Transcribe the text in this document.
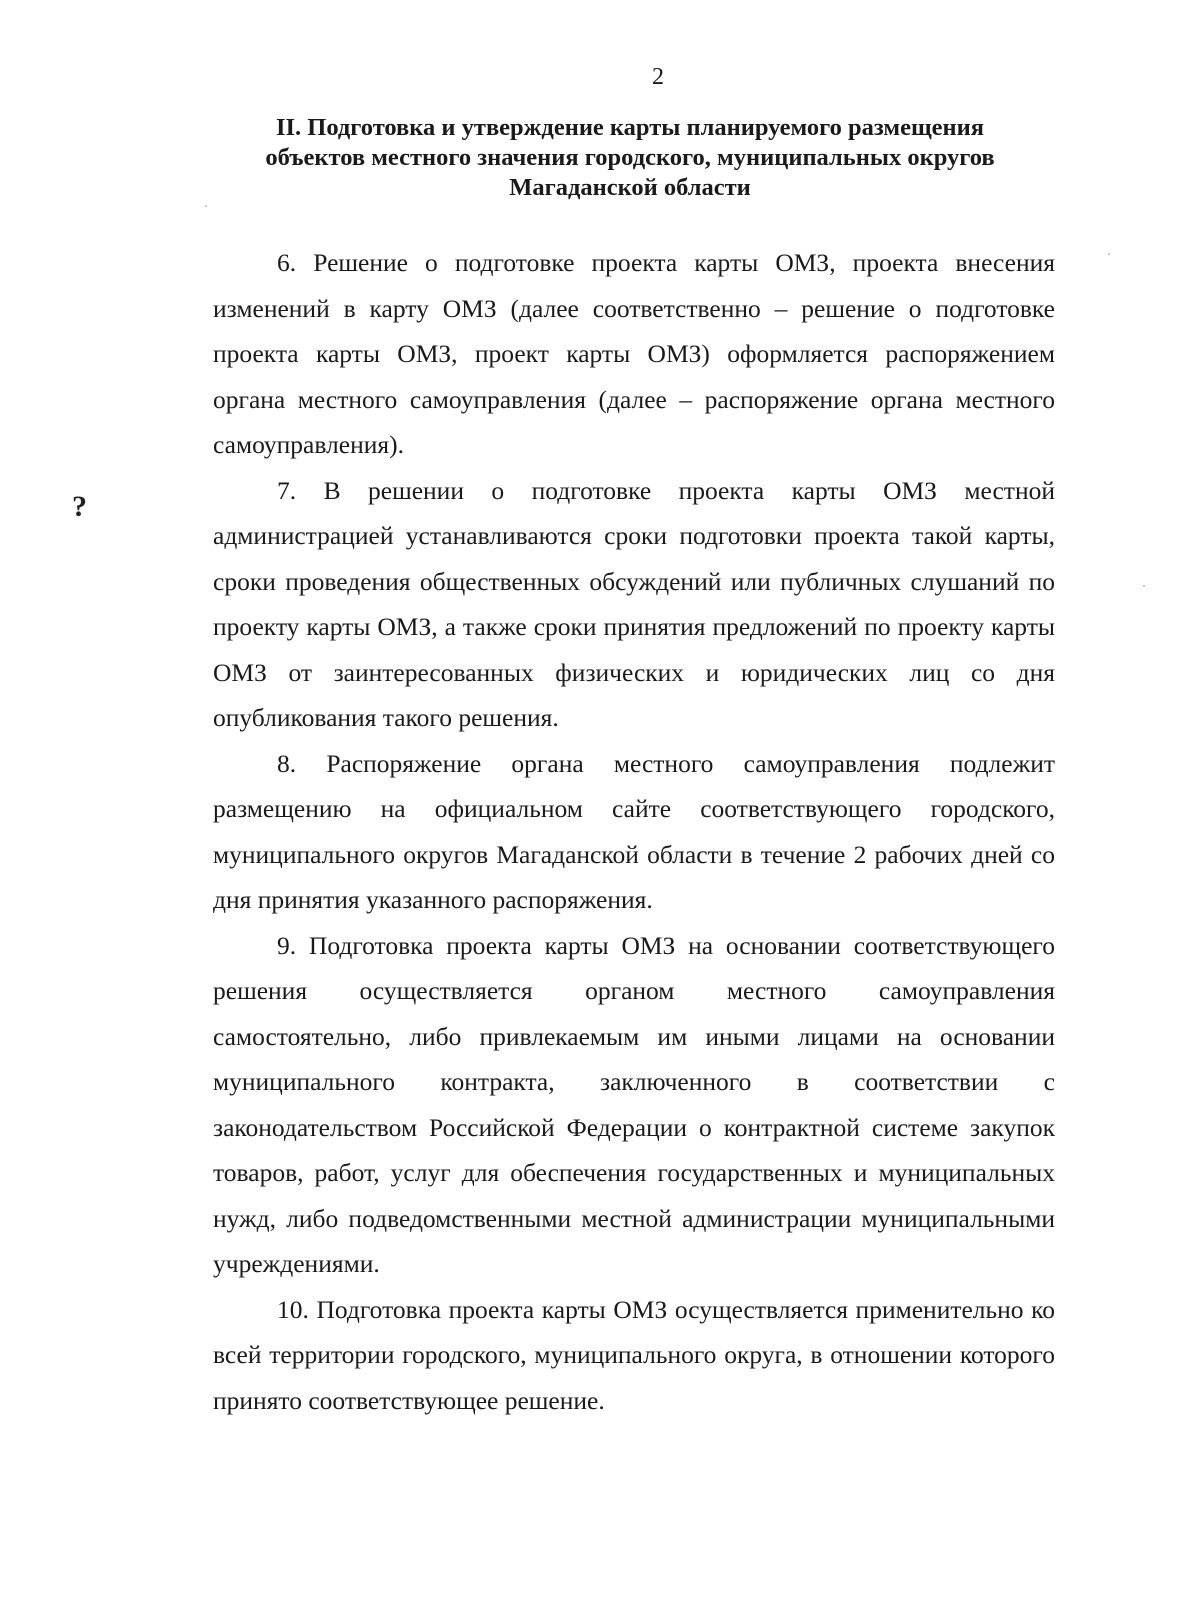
2

II. Подготовка и утверждение карты планируемого размещения
объектов местного значения городского, муниципальных округов
Магаданской области
?

6. Решение о подготовке проекта карты ОМЗ, проекта внесения изменений в карту ОМЗ (далее соответственно – решение о подготовке проекта карты ОМЗ, проект карты ОМЗ) оформляется распоряжением органа местного самоуправления (далее – распоряжение органа местного самоуправления).

7. В решении о подготовке проекта карты ОМЗ местной администрацией устанавливаются сроки подготовки проекта такой карты, сроки проведения общественных обсуждений или публичных слушаний по проекту карты ОМЗ, а также сроки принятия предложений по проекту карты ОМЗ от заинтересованных физических и юридических лиц со дня опубликования такого решения.

8. Распоряжение органа местного самоуправления подлежит размещению на официальном сайте соответствующего городского, муниципального округов Магаданской области в течение 2 рабочих дней со дня принятия указанного распоряжения.

9. Подготовка проекта карты ОМЗ на основании соответствующего решения осуществляется органом местного самоуправления самостоятельно, либо привлекаемым им иными лицами на основании муниципального контракта, заключенного в соответствии с законодательством Российской Федерации о контрактной системе закупок товаров, работ, услуг для обеспечения государственных и муниципальных нужд, либо подведомственными местной администрации муниципальными учреждениями.

10. Подготовка проекта карты ОМЗ осуществляется применительно ко всей территории городского, муниципального округа, в отношении которого принято соответствующее решение.
